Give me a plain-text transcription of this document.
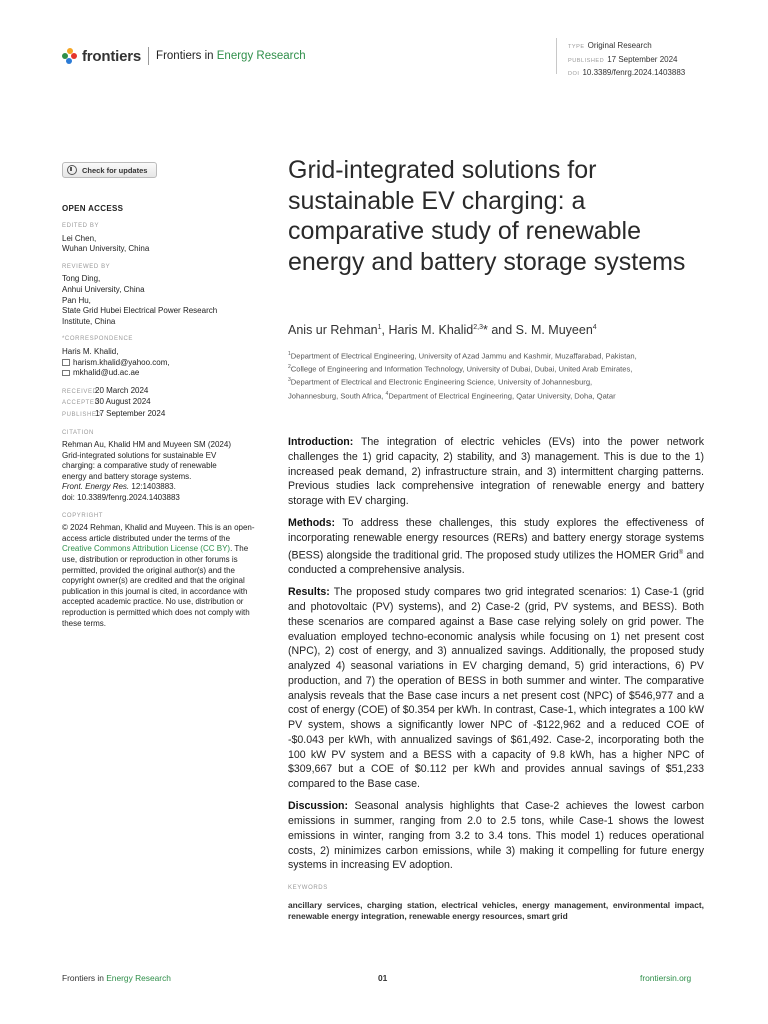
frontiers Frontiers in Energy Research
TYPE Original Research
PUBLISHED 17 September 2024
DOI 10.3389/fenrg.2024.1403883
Check for updates
OPEN ACCESS
EDITED BY
Lei Chen,
Wuhan University, China
REVIEWED BY
Tong Ding,
Anhui University, China
Pan Hu,
State Grid Hubei Electrical Power Research
Institute, China
*CORRESPONDENCE
Haris M. Khalid,
harism.khalid@yahoo.com,
mkhalid@ud.ac.ae
RECEIVED20 March 2024
ACCEPTED30 August 2024
PUBLISHED17 September 2024
CITATION
Rehman Au, Khalid HM and Muyeen SM (2024)
Grid-integrated solutions for sustainable EV
charging: a comparative study of renewable
energy and battery storage systems.
Front. Energy Res. 12:1403883.
doi: 10.3389/fenrg.2024.1403883
COPYRIGHT
© 2024 Rehman, Khalid and Muyeen. This is an open-access article distributed under the terms of the Creative Commons Attribution License (CC BY). The use, distribution or reproduction in other forums is permitted, provided the original author(s) and the copyright owner(s) are credited and that the original publication in this journal is cited, in accordance with accepted academic practice. No use, distribution or reproduction is permitted which does not comply with these terms.
Grid-integrated solutions for sustainable EV charging: a comparative study of renewable energy and battery storage systems
Anis ur Rehman$^1$, Haris M. Khalid$^{2,3}$* and S. M. Muyeen$^4$
$^1$Department of Electrical Engineering, University of Azad Jammu and Kashmir, Muzaffarabad, Pakistan,
$^2$College of Engineering and Information Technology, University of Dubai, Dubai, United Arab Emirates,
$^3$Department of Electrical and Electronic Engineering Science, University of Johannesburg,
Johannesburg, South Africa, $^4$Department of Electrical Engineering, Qatar University, Doha, Qatar

Introduction: The integration of electric vehicles (EVs) into the power network challenges the 1) grid capacity, 2) stability, and 3) management. This is due to the 1) increased peak demand, 2) infrastructure strain, and 3) intermittent charging patterns. Previous studies lack comprehensive integration of renewable energy and battery storage with EV charging.

Methods: To address these challenges, this study explores the effectiveness of incorporating renewable energy resources (RERs) and battery energy storage systems (BESS) alongside the traditional grid. The proposed study utilizes the HOMER Grid® and conducted a comprehensive analysis.

Results: The proposed study compares two grid integrated scenarios: 1) Case-1 (grid and photovoltaic (PV) systems), and 2) Case-2 (grid, PV systems, and BESS). Both these scenarios are compared against a Base case relying solely on grid power. The evaluation employed techno-economic analysis while focusing on 1) net present cost (NPC), 2) cost of energy, and 3) annualized savings. Additionally, the proposed study analyzed 4) seasonal variations in EV charging demand, 5) grid interactions, 6) PV production, and 7) the operation of BESS in both summer and winter. The comparative analysis reveals that the Base case incurs a net present cost (NPC) of $546,977 and a cost of energy (COE) of $0.354 per kWh. In contrast, Case-1, which integrates a 100 kW PV system, shows a significantly lower NPC of -$122,962 and a reduced COE of -$0.043 per kWh, with annualized savings of $61,492. Case-2, incorporating both the 100 kW PV system and a BESS with a capacity of 9.8 kWh, has a higher NPC of $309,667 but a COE of $0.112 per kWh and provides annual savings of $51,233 compared to the Base case.

Discussion: Seasonal analysis highlights that Case-2 achieves the lowest carbon emissions in summer, ranging from 2.0 to 2.5 tons, while Case-1 shows the lowest emissions in winter, ranging from 3.2 to 3.4 tons. This model 1) reduces operational costs, 2) minimizes carbon emissions, while 3) making it compelling for future energy systems in increasing EV adoption.

KEYWORDS
ancillary services, charging station, electrical vehicles, energy management, environmental impact, renewable energy integration, renewable energy resources, smart grid
Frontiers in Energy Research	01	frontiersin.org
